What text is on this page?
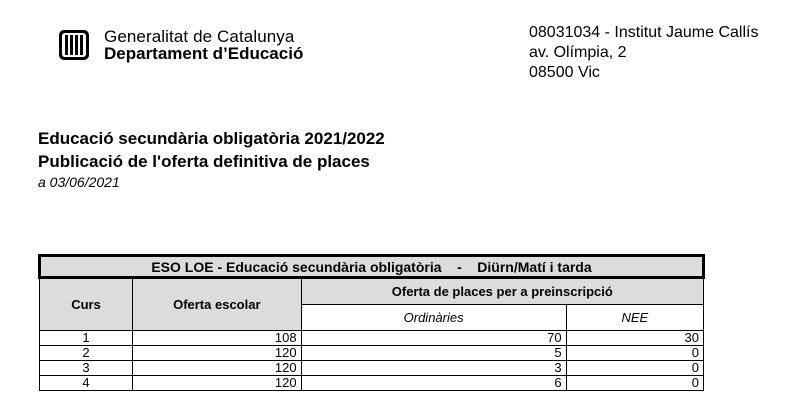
Generalitat de Catalunya
Departament d’Educació
08031034 - Institut Jaume Callís
av. Olímpia, 2
08500 Vic
Educació secundària obligatòria 2021/2022
Publicació de l'oferta definitiva de places
a 03/06/2021
ESO LOE - Educació secundària obligatòria    -    Diürn/Matí i tarda			
Curs	Oferta escolar	Oferta de places per a preinscripció	
		Ordinàries	NEE
1	108	70	30
2	120	5	0
3	120	3	0
4	120	6	0
